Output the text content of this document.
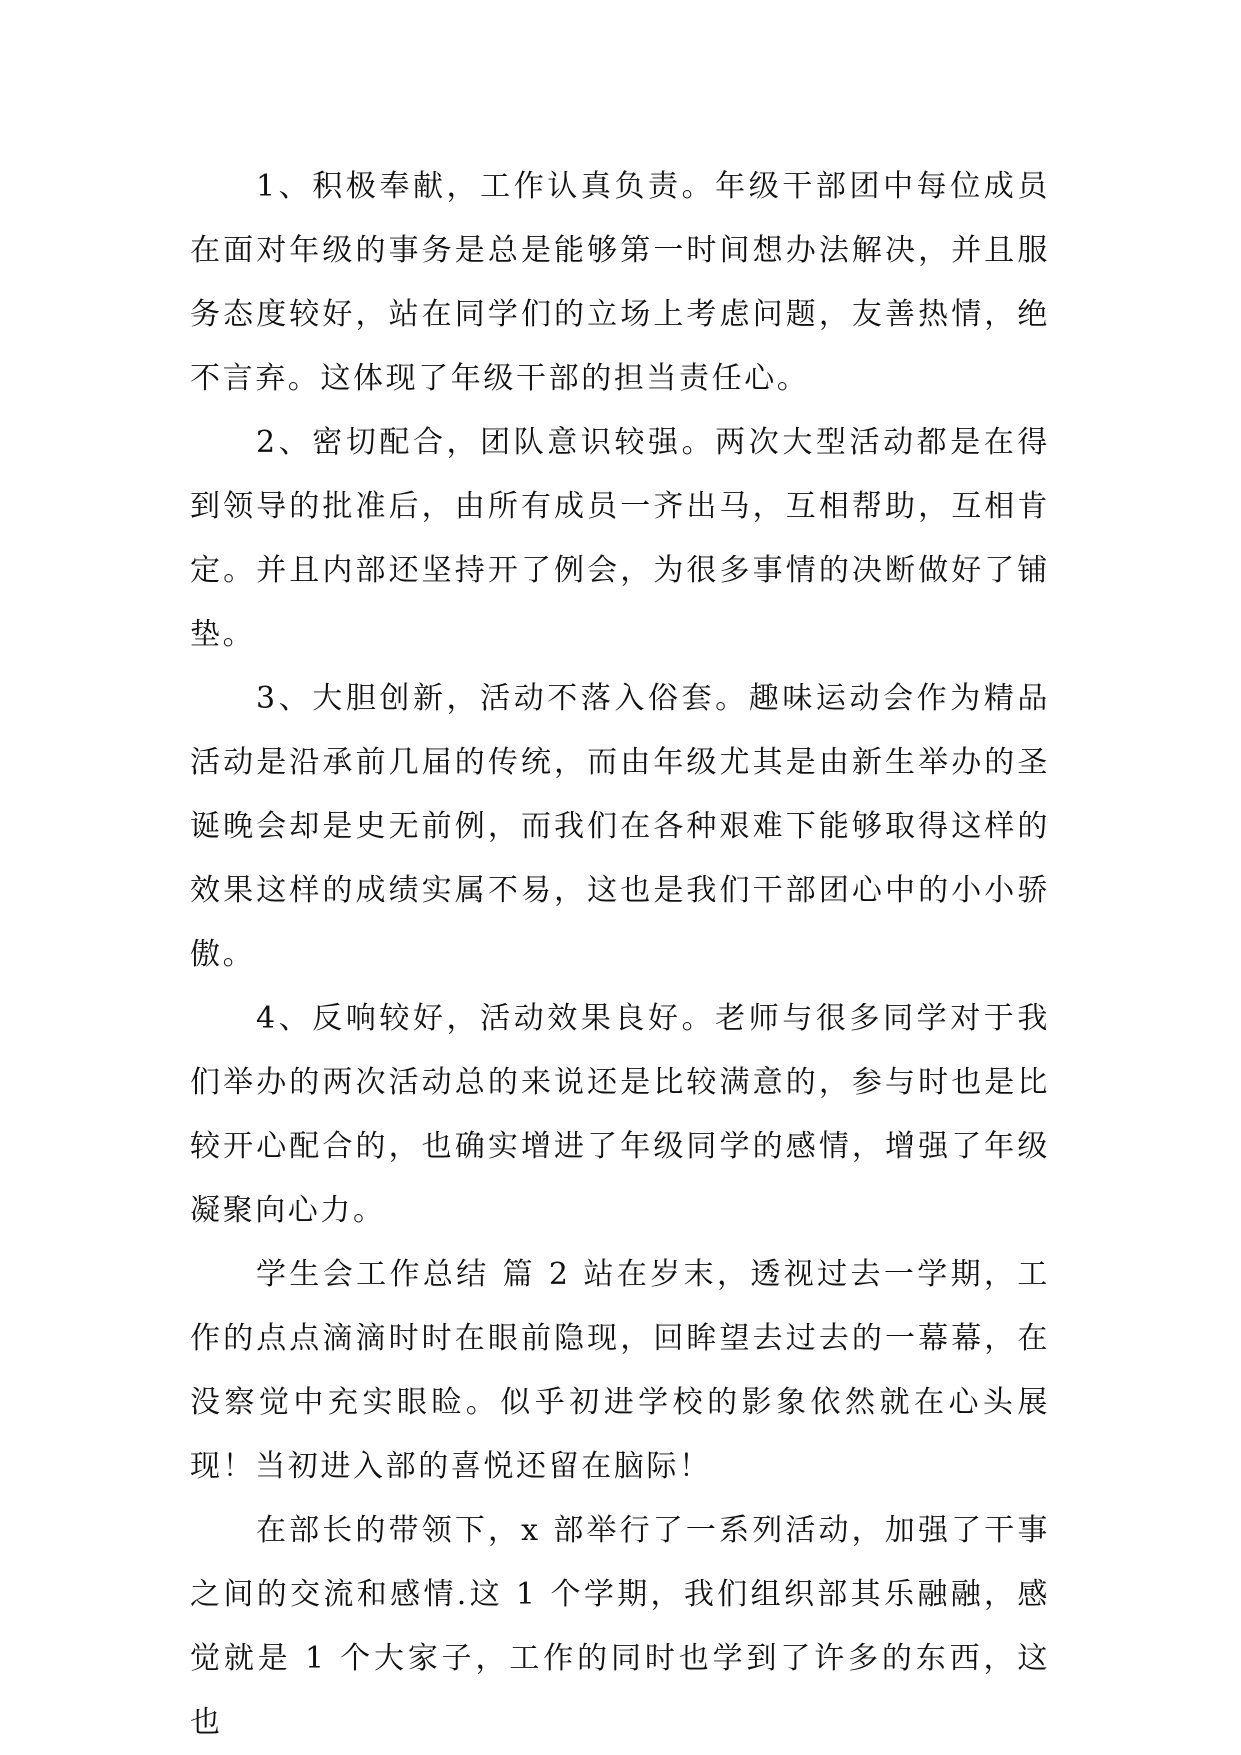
1、积极奉献，工作认真负责。年级干部团中每位成员在面对年级的事务是总是能够第一时间想办法解决，并且服务态度较好，站在同学们的立场上考虑问题，友善热情，绝不言弃。这体现了年级干部的担当责任心。

2、密切配合，团队意识较强。两次大型活动都是在得到领导的批准后，由所有成员一齐出马，互相帮助，互相肯定。并且内部还坚持开了例会，为很多事情的决断做好了铺垫。

3、大胆创新，活动不落入俗套。趣味运动会作为精品活动是沿承前几届的传统，而由年级尤其是由新生举办的圣诞晚会却是史无前例，而我们在各种艰难下能够取得这样的效果这样的成绩实属不易，这也是我们干部团心中的小小骄傲。

4、反响较好，活动效果良好。老师与很多同学对于我们举办的两次活动总的来说还是比较满意的，参与时也是比较开心配合的，也确实增进了年级同学的感情，增强了年级凝聚向心力。

学生会工作总结 篇 2 站在岁末，透视过去一学期，工作的点点滴滴时时在眼前隐现，回眸望去过去的一幕幕，在没察觉中充实眼睑。似乎初进学校的影象依然就在心头展现！当初进入部的喜悦还留在脑际！

在部长的带领下，x 部举行了一系列活动，加强了干事之间的交流和感情.这 1 个学期，我们组织部其乐融融，感觉就是 1 个大家子，工作的同时也学到了许多的东西，这也
